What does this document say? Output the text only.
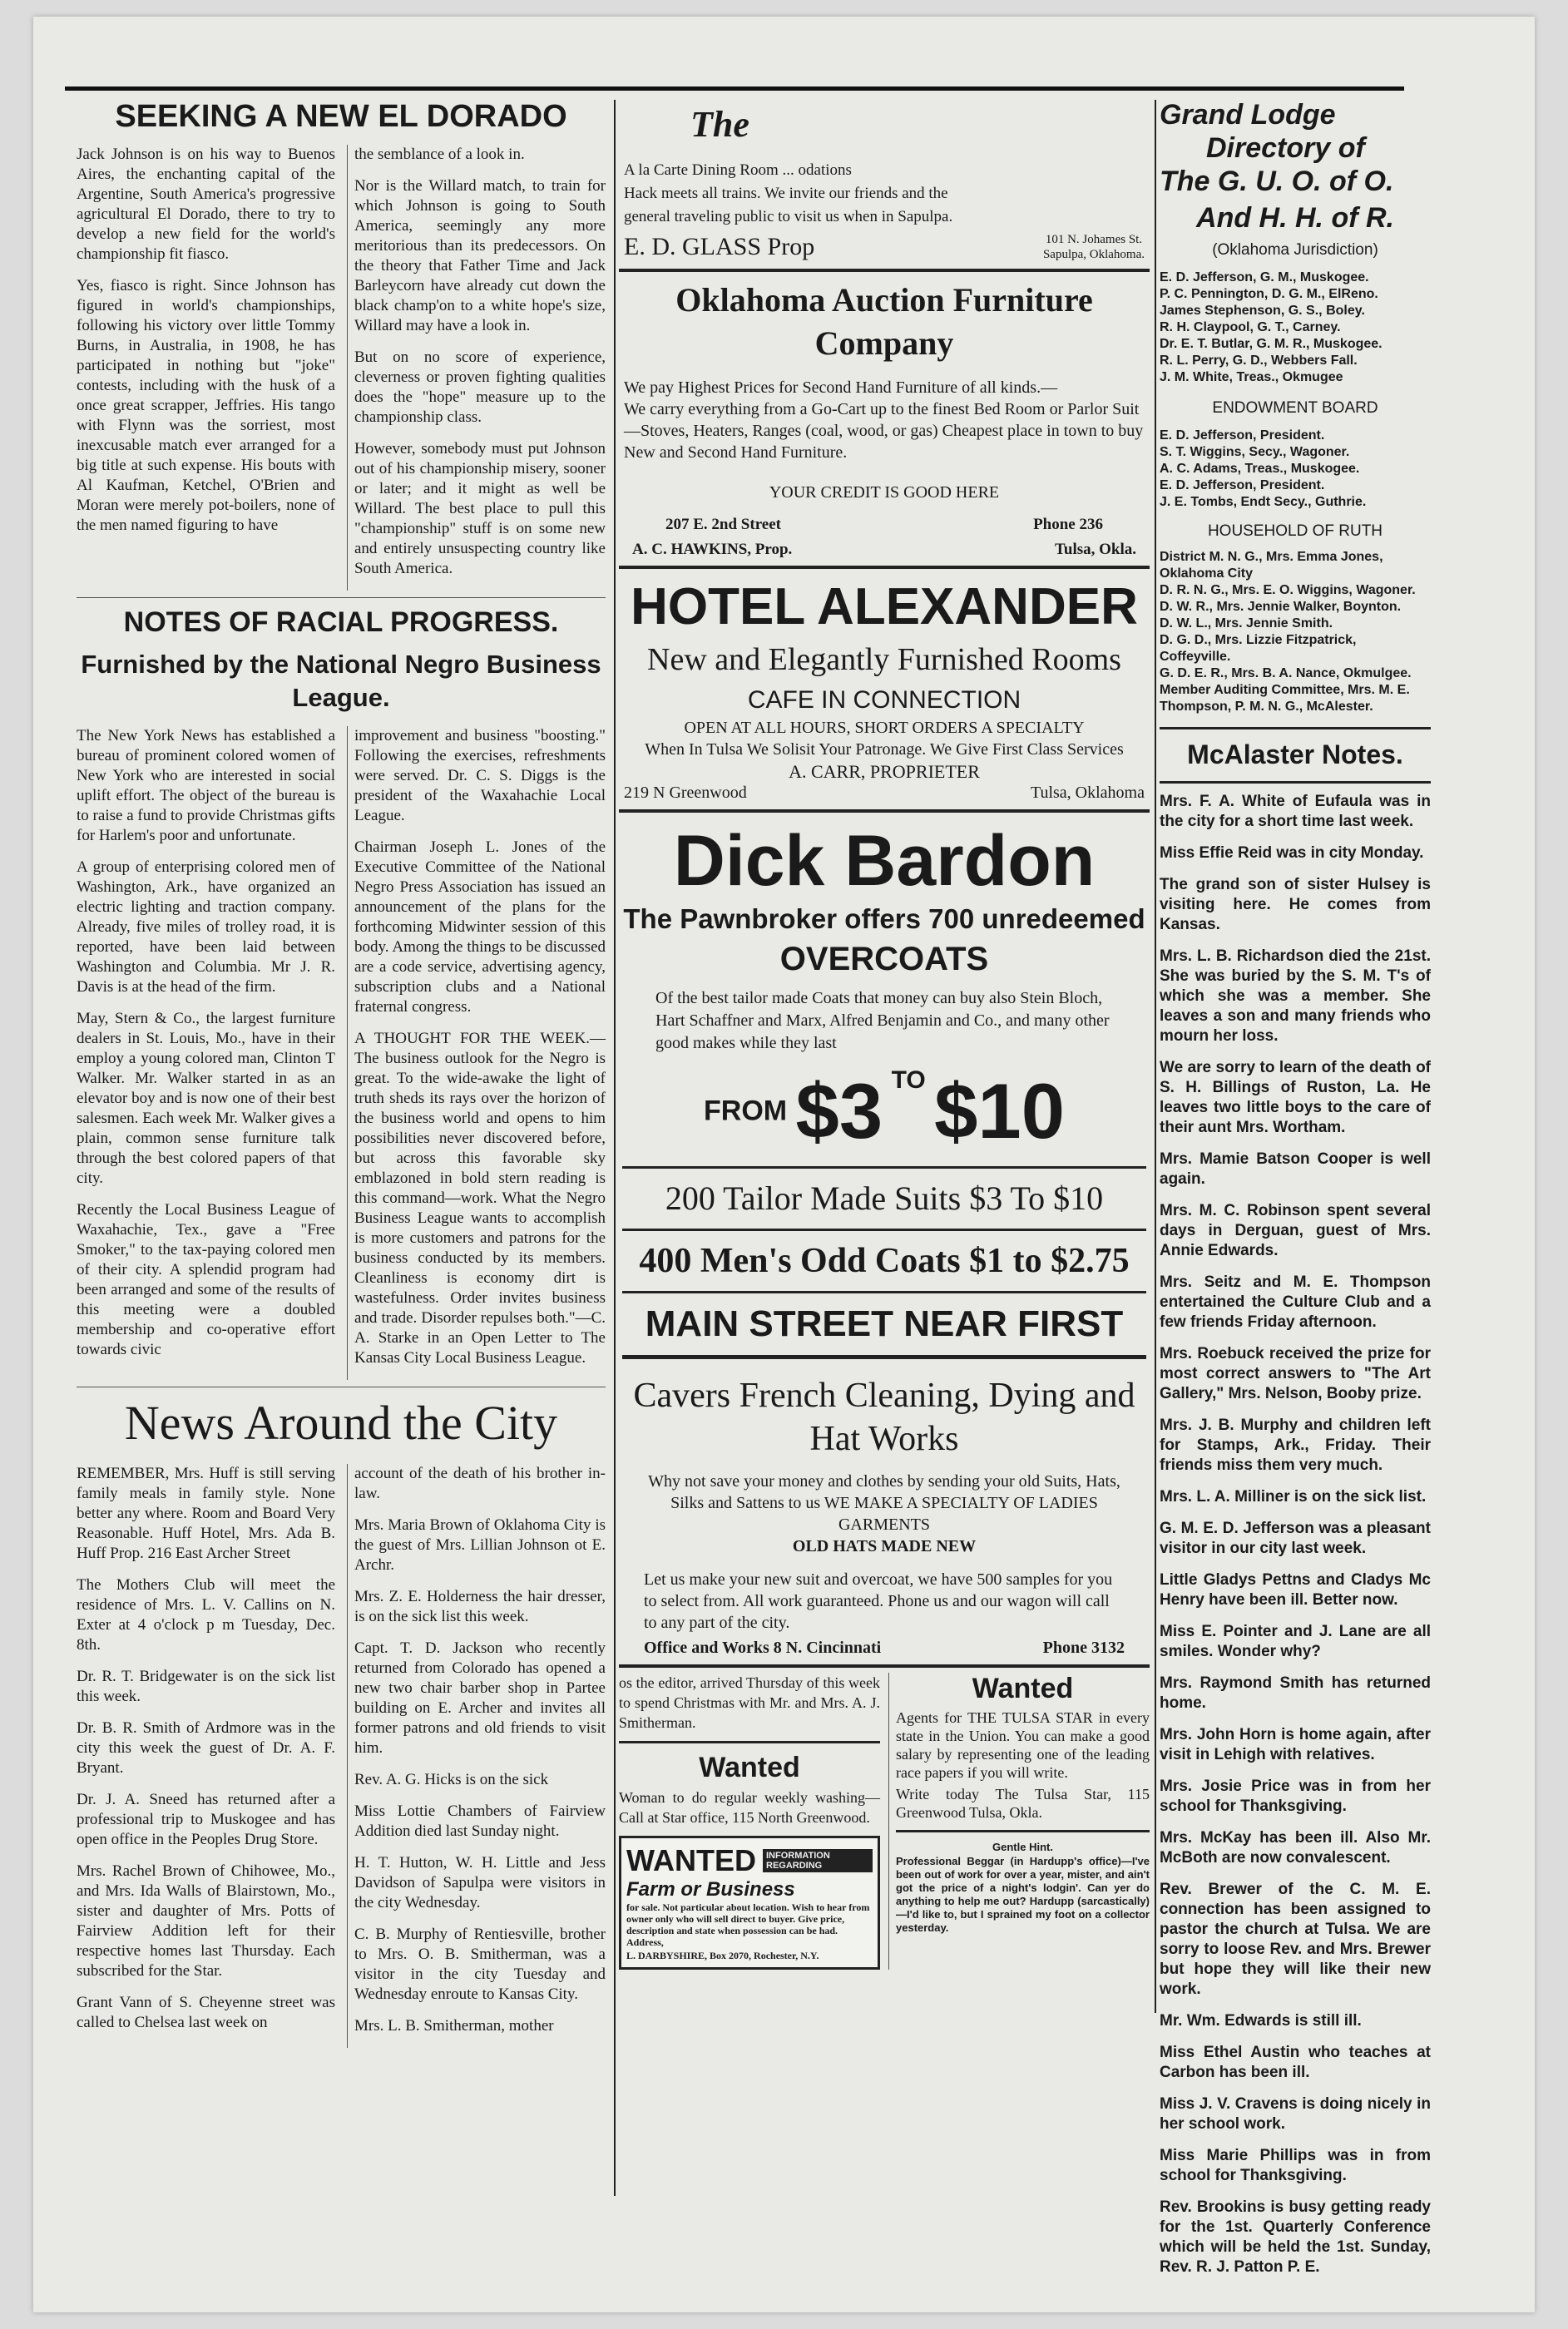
SEEKING A NEW EL DORADO

Jack Johnson is on his way to Buenos Aires, the enchanting capital of the Argentine, South America's progressive agricultural El Dorado, there to try to develop a new field for the world's championship fit fiasco.

Yes, fiasco is right. Since Johnson has figured in world's championships, following his victory over little Tommy Burns, in Australia, in 1908, he has participated in nothing but "joke" contests, including with the husk of a once great scrapper, Jeffries. His tango with Flynn was the sorriest, most inexcusable match ever arranged for a big title at such expense. His bouts with Al Kaufman, Ketchel, O'Brien and Moran were merely pot-boilers, none of the men named figuring to have

the semblance of a look in.

Nor is the Willard match, to train for which Johnson is going to South America, seemingly any more meritorious than its predecessors. On the theory that Father Time and Jack Barleycorn have already cut down the black champ'on to a white hope's size, Willard may have a look in.

But on no score of experience, cleverness or proven fighting qualities does the "hope" measure up to the championship class.

However, somebody must put Johnson out of his championship misery, sooner or later; and it might as well be Willard. The best place to pull this "championship" stuff is on some new and entirely unsuspecting country like South America.

NOTES OF RACIAL PROGRESS.
Furnished by the National Negro Business League.

The New York News has established a bureau of prominent colored women of New York who are interested in social uplift effort. The object of the bureau is to raise a fund to provide Christmas gifts for Harlem's poor and unfortunate.

A group of enterprising colored men of Washington, Ark., have organized an electric lighting and traction company. Already, five miles of trolley road, it is reported, have been laid between Washington and Columbia. Mr J. R. Davis is at the head of the firm.

May, Stern & Co., the largest furniture dealers in St. Louis, Mo., have in their employ a young colored man, Clinton T Walker. Mr. Walker started in as an elevator boy and is now one of their best salesmen. Each week Mr. Walker gives a plain, common sense furniture talk through the best colored papers of that city.

Recently the Local Business League of Waxahachie, Tex., gave a "Free Smoker," to the tax-paying colored men of their city. A splendid program had been arranged and some of the results of this meeting were a doubled membership and co-operative effort towards civic

improvement and business "boosting." Following the exercises, refreshments were served. Dr. C. S. Diggs is the president of the Waxahachie Local League.

Chairman Joseph L. Jones of the Executive Committee of the National Negro Press Association has issued an announcement of the plans for the forthcoming Midwinter session of this body. Among the things to be discussed are a code service, advertising agency, subscription clubs and a National fraternal congress.

A THOUGHT FOR THE WEEK.—The business outlook for the Negro is great. To the wide-awake the light of truth sheds its rays over the horizon of the business world and opens to him possibilities never discovered before, but across this favorable sky emblazoned in bold stern reading is this command—work. What the Negro Business League wants to accomplish is more customers and patrons for the business conducted by its members. Cleanliness is economy dirt is wastefulness. Order invites business and trade. Disorder repulses both."—C. A. Starke in an Open Letter to The Kansas City Local Business League.

News Around the City

REMEMBER, Mrs. Huff is still serving family meals in family style. None better any where. Room and Board Very Reasonable. Huff Hotel, Mrs. Ada B. Huff Prop. 216 East Archer Street

The Mothers Club will meet the residence of Mrs. L. V. Callins on N. Exter at 4 o'clock p m Tuesday, Dec. 8th.

Dr. R. T. Bridgewater is on the sick list this week.

Dr. B. R. Smith of Ardmore was in the city this week the guest of Dr. A. F. Bryant.

Dr. J. A. Sneed has returned after a professional trip to Muskogee and has open office in the Peoples Drug Store.

Mrs. Rachel Brown of Chihowee, Mo., and Mrs. Ida Walls of Blairstown, Mo., sister and daughter of Mrs. Potts of Fairview Addition left for their respective homes last Thursday. Each subscribed for the Star.

Grant Vann of S. Cheyenne street was called to Chelsea last week on

account of the death of his brother in-law.

Mrs. Maria Brown of Oklahoma City is the guest of Mrs. Lillian Johnson ot E. Archr.

Mrs. Z. E. Holderness the hair dresser, is on the sick list this week.

Capt. T. D. Jackson who recently returned from Colorado has opened a new two chair barber shop in Partee building on E. Archer and invites all former patrons and old friends to visit him.

Rev. A. G. Hicks is on the sick

Miss Lottie Chambers of Fairview Addition died last Sunday night.

H. T. Hutton, W. H. Little and Jess Davidson of Sapulpa were visitors in the city Wednesday.

C. B. Murphy of Rentiesville, brother to Mrs. O. B. Smitherman, was a visitor in the city Tuesday and Wednesday enroute to Kansas City.

Mrs. L. B. Smitherman, mother

The
A la Carte Dining Room ... odations
Hack meets all trains. We invite our friends and the
general traveling public to visit us when in Sapulpa.
E. D. GLASS Prop	101 N. Johames St.
Sapulpa, Oklahoma.
Oklahoma Auction Furniture Company
We pay Highest Prices for Second Hand Furniture of all kinds.—
We carry everything from a Go-Cart up to the finest Bed Room or Parlor Suit—Stoves, Heaters, Ranges (coal, wood, or gas) Cheapest place in town to buy New and Second Hand Furniture.
YOUR CREDIT IS GOOD HERE
207 E. 2nd Street	Phone 236
A. C. HAWKINS, Prop.	Tulsa, Okla.
HOTEL ALEXANDER
New and Elegantly Furnished Rooms
CAFE IN CONNECTION
OPEN AT ALL HOURS, SHORT ORDERS A SPECIALTY
When In Tulsa We Solisit Your Patronage. We Give First Class Services
A. CARR, PROPRIETER
219 N Greenwood	Tulsa, Oklahoma
Dick Bardon
The Pawnbroker offers 700 unredeemed
OVERCOATS
Of the best tailor made Coats that money can buy also Stein Bloch, Hart Schaffner and Marx, Alfred Benjamin and Co., and many other good makes while they last
FROM $3 TO $10
200 Tailor Made Suits $3 To $10
400 Men's Odd Coats $1 to $2.75
MAIN STREET NEAR FIRST
Cavers French Cleaning, Dying and Hat Works
Why not save your money and clothes by sending your old Suits, Hats, Silks and Sattens to us WE MAKE A SPECIALTY OF LADIES GARMENTS
OLD HATS MADE NEW
Let us make your new suit and overcoat, we have 500 samples for you to select from. All work guaranteed. Phone us and our wagon will call to any part of the city.
Office and Works 8 N. Cincinnati	Phone 3132

os the editor, arrived Thursday of this week to spend Christmas with Mr. and Mrs. A. J. Smitherman.

Wanted

Woman to do regular weekly washing—Call at Star office, 115 North Greenwood.

WANTED	INFORMATION REGARDING
Farm or Business
for sale. Not particular about location. Wish to hear from owner only who will sell direct to buyer. Give price, description and state when possession can be had. Address,
L. DARBYSHIRE, Box 2070, Rochester, N.Y.
Wanted

Agents for THE TULSA STAR in every state in the Union. You can make a good salary by representing one of the leading race papers if you will write.

Write today The Tulsa Star, 115 Greenwood Tulsa, Okla.

Gentle Hint.

Professional Beggar (in Hardupp's office)—I've been out of work for over a year, mister, and ain't got the price of a night's lodgin'. Can yer do anything to help me out? Hardupp (sarcastically)—I'd like to, but I sprained my foot on a collector yesterday.

Grand Lodge
Directory of
The G. U. O. of O.
And H. H. of R.
(Oklahoma Jurisdiction)
E. D. Jefferson, G. M., Muskogee.
P. C. Pennington, D. G. M., ElReno.
James Stephenson, G. S., Boley.
R. H. Claypool, G. T., Carney.
Dr. E. T. Butlar, G. M. R., Muskogee.
R. L. Perry, G. D., Webbers Fall.
J. M. White, Treas., Okmugee
ENDOWMENT BOARD
E. D. Jefferson, President.
S. T. Wiggins, Secy., Wagoner.
A. C. Adams, Treas., Muskogee.
E. D. Jefferson, President.
J. E. Tombs, Endt Secy., Guthrie.
HOUSEHOLD OF RUTH
District M. N. G., Mrs. Emma Jones, Oklahoma City
D. R. N. G., Mrs. E. O. Wiggins, Wagoner.
D. W. R., Mrs. Jennie Walker, Boynton.
D. W. L., Mrs. Jennie Smith.
D. G. D., Mrs. Lizzie Fitzpatrick, Coffeyville.
G. D. E. R., Mrs. B. A. Nance, Okmulgee.
Member Auditing Committee, Mrs. M. E. Thompson, P. M. N. G., McAlester.
McAlaster Notes.

Mrs. F. A. White of Eufaula was in the city for a short time last week.

Miss Effie Reid was in city Monday.

The grand son of sister Hulsey is visiting here. He comes from Kansas.

Mrs. L. B. Richardson died the 21st. She was buried by the S. M. T's of which she was a member. She leaves a son and many friends who mourn her loss.

We are sorry to learn of the death of S. H. Billings of Ruston, La. He leaves two little boys to the care of their aunt Mrs. Wortham.

Mrs. Mamie Batson Cooper is well again.

Mrs. M. C. Robinson spent several days in Derguan, guest of Mrs. Annie Edwards.

Mrs. Seitz and M. E. Thompson entertained the Culture Club and a few friends Friday afternoon.

Mrs. Roebuck received the prize for most correct answers to "The Art Gallery," Mrs. Nelson, Booby prize.

Mrs. J. B. Murphy and children left for Stamps, Ark., Friday. Their friends miss them very much.

Mrs. L. A. Milliner is on the sick list.

G. M. E. D. Jefferson was a pleasant visitor in our city last week.

Little Gladys Pettns and Cladys Mc Henry have been ill. Better now.

Miss E. Pointer and J. Lane are all smiles. Wonder why?

Mrs. Raymond Smith has returned home.

Mrs. John Horn is home again, after visit in Lehigh with relatives.

Mrs. Josie Price was in from her school for Thanksgiving.

Mrs. McKay has been ill. Also Mr. McBoth are now convalescent.

Rev. Brewer of the C. M. E. connection has been assigned to pastor the church at Tulsa. We are sorry to loose Rev. and Mrs. Brewer but hope they will like their new work.

Mr. Wm. Edwards is still ill.

Miss Ethel Austin who teaches at Carbon has been ill.

Miss J. V. Cravens is doing nicely in her school work.

Miss Marie Phillips was in from school for Thanksgiving.

Rev. Brookins is busy getting ready for the 1st. Quarterly Conference which will be held the 1st. Sunday, Rev. R. J. Patton P. E.
